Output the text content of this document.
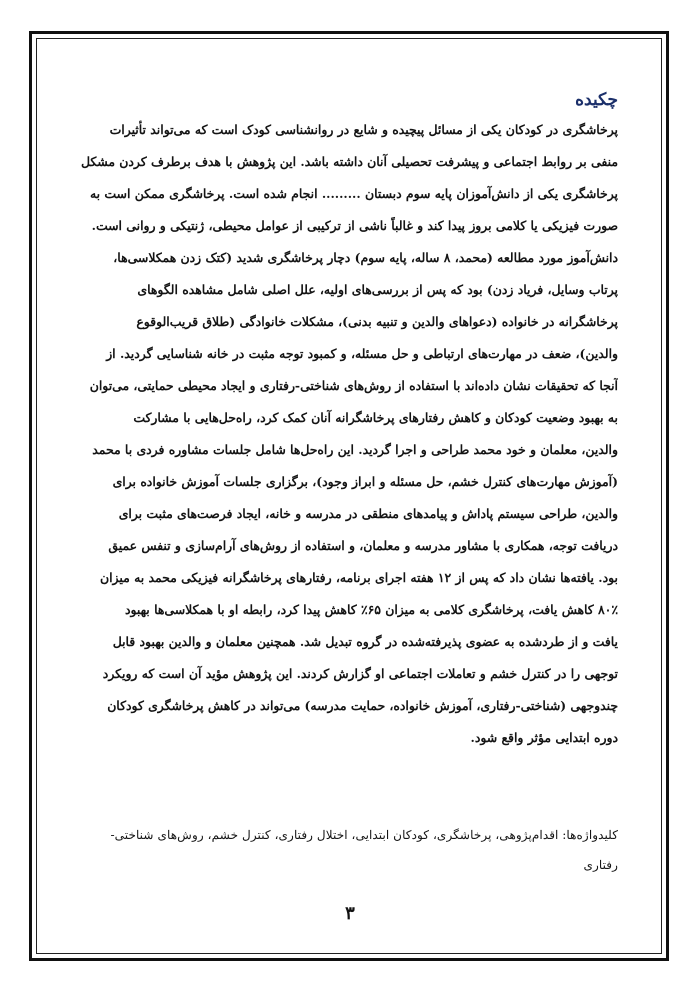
چکیده
پرخاشگری در کودکان یکی از مسائل پیچیده و شایع در روانشناسی کودک است که می‌تواند تأثیرات
منفی بر روابط اجتماعی و پیشرفت تحصیلی آنان داشته باشد. این پژوهش با هدف برطرف کردن مشکل
پرخاشگری یکی از دانش‌آموزان پایه سوم دبستان ......... انجام شده است. پرخاشگری ممکن است به
صورت فیزیکی یا کلامی بروز پیدا کند و غالباً ناشی از ترکیبی از عوامل محیطی، ژنتیکی و روانی است.
دانش‌آموز مورد مطالعه (محمد، ۸ ساله، پایه سوم) دچار پرخاشگری شدید (کتک زدن همکلاسی‌ها،
پرتاب وسایل، فریاد زدن) بود که پس از بررسی‌های اولیه، علل اصلی شامل مشاهده الگوهای
پرخاشگرانه در خانواده (دعواهای والدین و تنبیه بدنی)، مشکلات خانوادگی (طلاق قریب‌الوقوع
والدین)، ضعف در مهارت‌های ارتباطی و حل مسئله، و کمبود توجه مثبت در خانه شناسایی گردید. از
آنجا که تحقیقات نشان داده‌اند با استفاده از روش‌های شناختی-رفتاری و ایجاد محیطی حمایتی، می‌توان
به بهبود وضعیت کودکان و کاهش رفتارهای پرخاشگرانه آنان کمک کرد، راه‌حل‌هایی با مشارکت
والدین، معلمان و خود محمد طراحی و اجرا گردید. این راه‌حل‌ها شامل جلسات مشاوره فردی با محمد
(آموزش مهارت‌های کنترل خشم، حل مسئله و ابراز وجود)، برگزاری جلسات آموزش خانواده برای
والدین، طراحی سیستم پاداش و پیامدهای منطقی در مدرسه و خانه، ایجاد فرصت‌های مثبت برای
دریافت توجه، همکاری با مشاور مدرسه و معلمان، و استفاده از روش‌های آرام‌سازی و تنفس عمیق
بود. یافته‌ها نشان داد که پس از ۱۲ هفته اجرای برنامه، رفتارهای پرخاشگرانه فیزیکی محمد به میزان
۸۰٪ کاهش یافت، پرخاشگری کلامی به میزان ۶۵٪ کاهش پیدا کرد، رابطه او با همکلاسی‌ها بهبود
یافت و از طردشده به عضوی پذیرفته‌شده در گروه تبدیل شد. همچنین معلمان و والدین بهبود قابل
توجهی را در کنترل خشم و تعاملات اجتماعی او گزارش کردند. این پژوهش مؤید آن است که رویکرد
چندوجهی (شناختی-رفتاری، آموزش خانواده، حمایت مدرسه) می‌تواند در کاهش پرخاشگری کودکان
دوره ابتدایی مؤثر واقع شود.
کلیدواژه‌ها: اقدام‌پژوهی، پرخاشگری، کودکان ابتدایی، اختلال رفتاری، کنترل خشم، روش‌های شناختی-
رفتاری
۳
